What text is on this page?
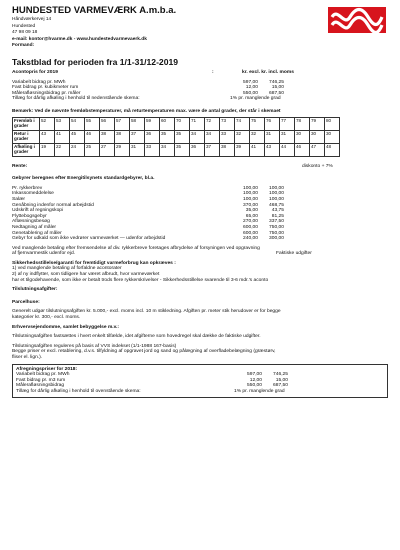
HUNDESTED VARMEVÆRK A.m.b.a.
Håndværkervej 14
Hundested
47 98 09 18
e-mail: kontor@hvarme.dk - www.hundestedvarmevaerk.dk
Formand:
Takstblad for perioden fra 1/1-31/12-2019
Acontopris for 2019	:	kr. excl. kr. incl. moms
Variabelt bidrag pr. MWh	597,00	746,25
Fast bidrag pr. kubikmeter rum	12,00	15,00
Målerafløsningsbidrag pr. måler	550,00	687,50
Tillæg for dårlig afkøling i henhold til nedenstående skema:	1% pr. manglende grad
Bemærk: Ved de nævnte fremløbstemperaturer, må returtemperaturen max. være de antal grader, der står i skemaet
Fremløb i grader	52	53	54	55	56	57	58	59	60	70	71	72	73	74	75	76	77	78	79	80
Retur i grader	43	41	45	46	38	38	37	36	35	35	34	34	33	32	32	31	31	30	30	30
Afkøling i grader	19	22	24	25	27	29	31	33	34	35	36	37	38	39	41	43	44	46	47	48
Rente:	diskonto + 7%
Gebyrer beregnes efter Energitilsynets standardgebyrer, bl.a.
Pr. rykkerbrev	100,00	100,00
Inkassomeddelelse	100,00	100,00
Salær	100,00	100,00
Genåbning indenfor normal arbejdstid	370,00	468,75
Udskrift af regningskopi	35,00	43,75
Flyttebogsgebyr	65,00	81,25
Aflæsningsbesøg	270,00	337,50
Nedtagning af måler	600,00	750,00
Genetablering af måler	600,00	750,00
Gebyr for udkald som ikke vedrører varmeværket — udenfor arbejdstid	240,00	300,00
Ved manglende betaling efter fremsendelse af div. rykkerbreve foretages afbrydelse af forsyningen ved opgravning af fjernvarmestik udenfor ejd.	Faktiske udgifter
Sikkerhedsstillelse/garanti for fremtidigt varmeforbrug kan opkræves :
1) ved manglende betaling af forfaldne acontorater
2) af ny indflytter, som tidligere har været afbrudt, hvor varmeværket
har et tilgodehavende, som ikke er betalt trods flere rykkerskrivelser - Sikkerhedsstillelse svarende til 3-6 mdr.'s aconto
Tilslutningsafgifter:
Parcelhuse:
Generelt udgør tilslutningsafgiften kr. 5.000,- excl. moms incl. 10 m stikledning. Afgiften pr. meter stik herudover er for begge
kategorier kr. 300,- excl. moms.
Erhvervsejendomme, samlet bebyggelse m.v.:
Tilslutningsafgiften fastsættes i hvert enkelt tilfælde, idet afgifterne som hovedregel skal dække de faktiske udgifter.
Tilslutningsafgiften reguleres på basis af VVS indekset (1/1-1988 167-basis)
Begge priser er excl. retablering, d.v.s. tilfyldning af opgravet jord og sand og pålægning af overfladebelægning (græstørv,
fliser el. lign.).
Afregningspriser for 2018:
Variabelt bidrag pr. MWh	597,00	746,25
Fast bidrag pr. m3 rum	12,00	15,00
Målerafløsningsbidrag	550,00	687,50
Tillæg for dårlig afkøling i henhold til ovenstående skema:	1% pr. manglende grad
